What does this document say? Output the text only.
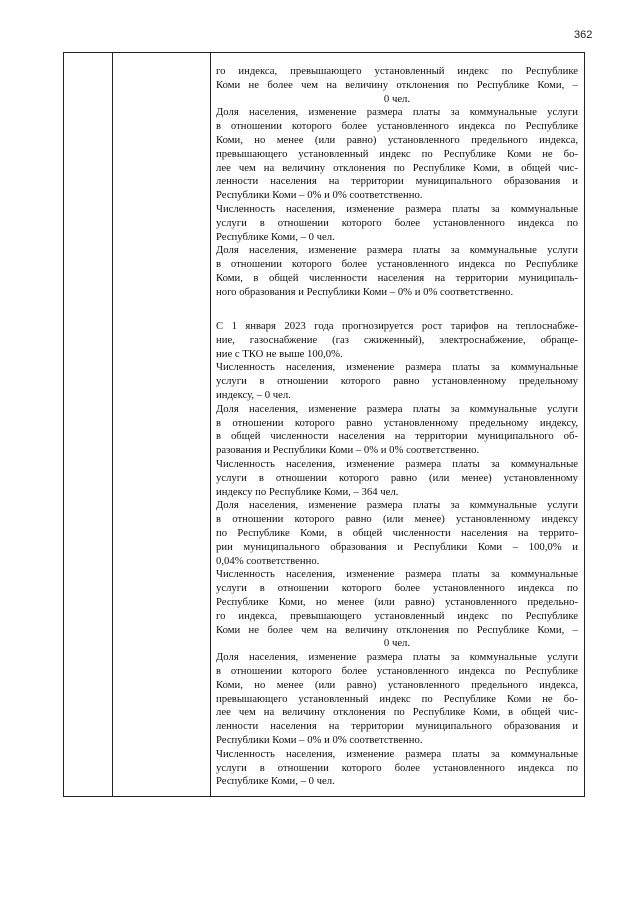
362
го индекса, превышающего установленный индекс по Республике
Коми не более чем на величину отклонения по Республике Коми, –
0 чел.
Доля населения, изменение размера платы за коммунальные услуги
в отношении которого более установленного индекса по Республике
Коми, но менее (или равно) установленного предельного индекса,
превышающего установленный индекс по Республике Коми не бо-
лее чем на величину отклонения по Республике Коми, в общей чис-
ленности населения на территории муниципального образования и
Республики Коми – 0% и 0% соответственно.
Численность населения, изменение размера платы за коммунальные
услуги в отношении которого более установленного индекса по
Республике Коми, – 0 чел.
Доля населения, изменение размера платы за коммунальные услуги
в отношении которого более установленного индекса по Республике
Коми, в общей численности населения на территории муниципаль-
ного образования и Республики Коми – 0% и 0% соответственно.
С 1 января 2023 года прогнозируется рост тарифов на теплоснабже-
ние, газоснабжение (газ сжиженный), электроснабжение, обраще-
ние с ТКО не выше 100,0%.
Численность населения, изменение размера платы за коммунальные
услуги в отношении которого равно установленному предельному
индексу, – 0 чел.
Доля населения, изменение размера платы за коммунальные услуги
в отношении которого равно установленному предельному индексу,
в общей численности населения на территории муниципального об-
разования и Республики Коми – 0% и 0% соответственно.
Численность населения, изменение размера платы за коммунальные
услуги в отношении которого равно (или менее) установленному
индексу по Республике Коми, – 364 чел.
Доля населения, изменение размера платы за коммунальные услуги
в отношении которого равно (или менее) установленному индексу
по Республике Коми, в общей численности населения на террито-
рии муниципального образования и Республики Коми – 100,0% и
0,04% соответственно.
Численность населения, изменение размера платы за коммунальные
услуги в отношении которого более установленного индекса по
Республике Коми, но менее (или равно) установленного предельно-
го индекса, превышающего установленный индекс по Республике
Коми не более чем на величину отклонения по Республике Коми, –
0 чел.
Доля населения, изменение размера платы за коммунальные услуги
в отношении которого более установленного индекса по Республике
Коми, но менее (или равно) установленного предельного индекса,
превышающего установленный индекс по Республике Коми не бо-
лее чем на величину отклонения по Республике Коми, в общей чис-
ленности населения на территории муниципального образования и
Республики Коми – 0% и 0% соответственно.
Численность населения, изменение размера платы за коммунальные
услуги в отношении которого более установленного индекса по
Республике Коми, – 0 чел.
